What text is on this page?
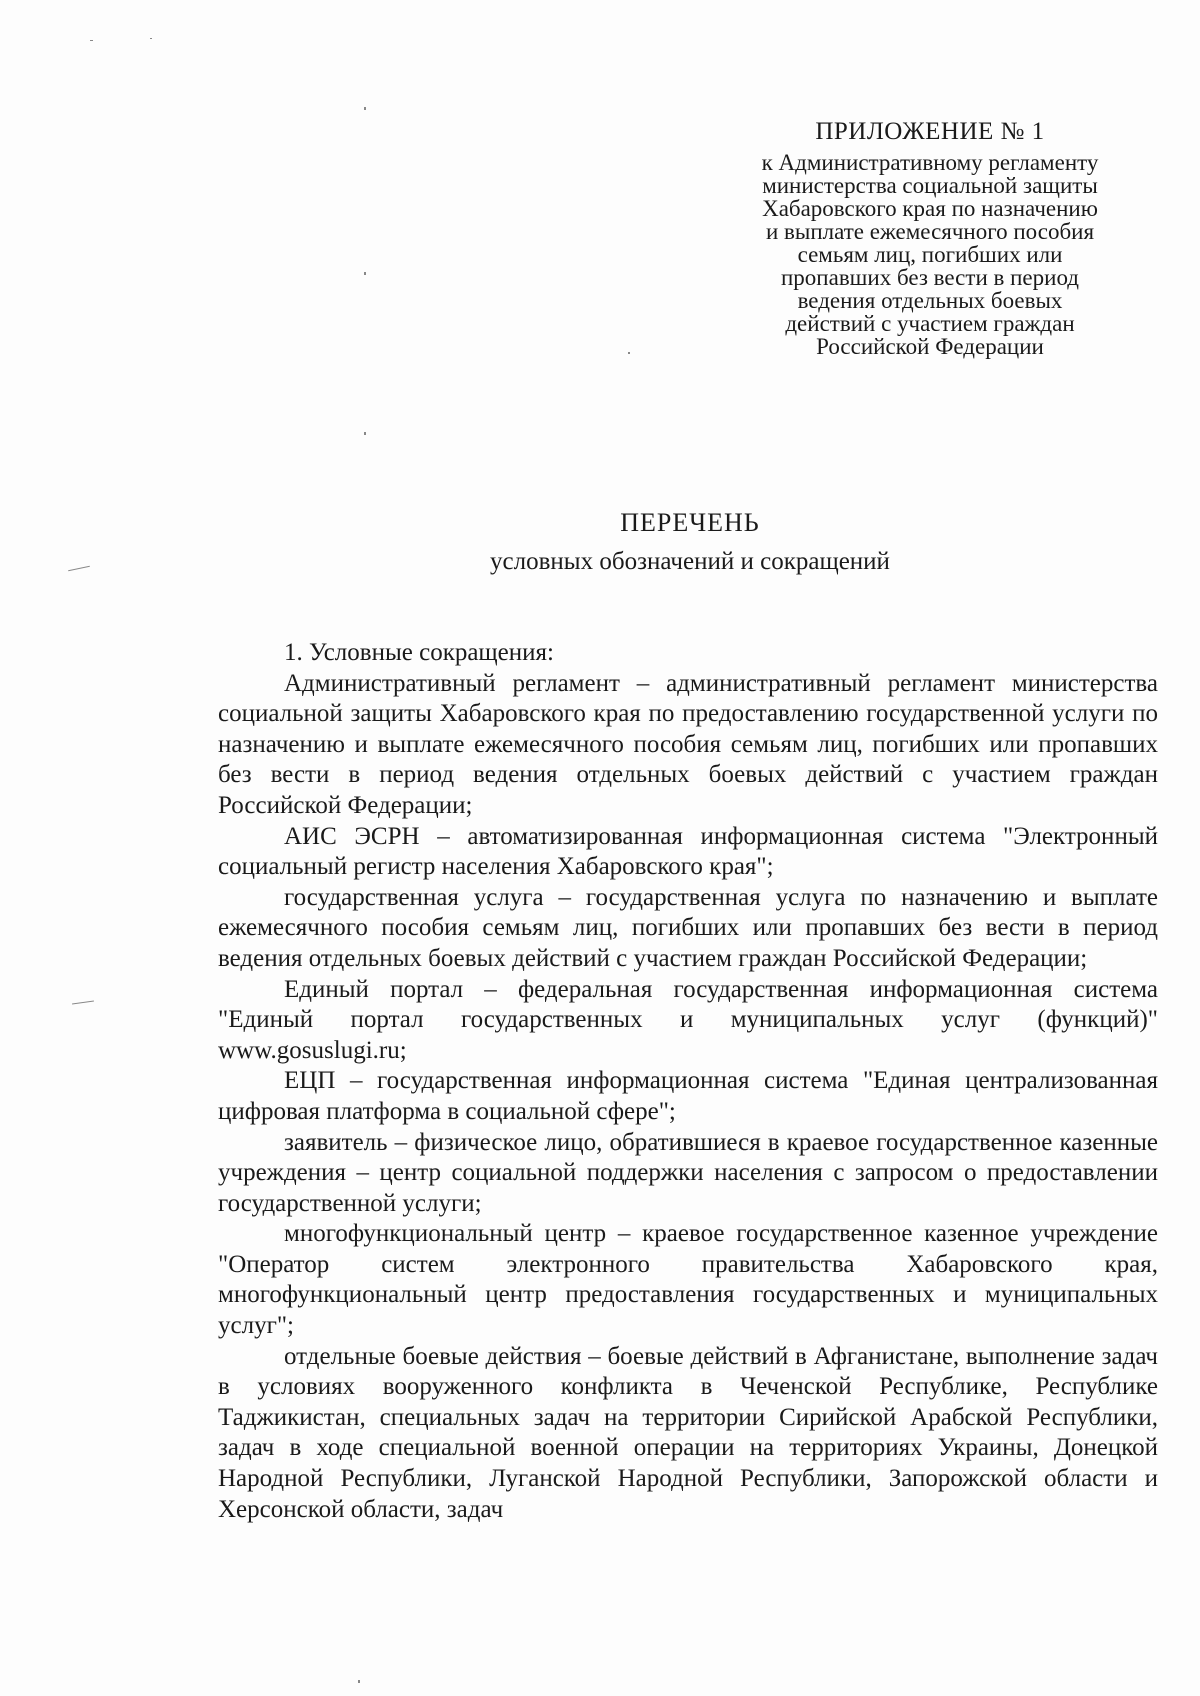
ПРИЛОЖЕНИЕ № 1
к Административному регламенту
министерства социальной защиты
Хабаровского края по назначению
и выплате ежемесячного пособия
семьям лиц, погибших или
пропавших без вести в период
ведения отдельных боевых
действий с участием граждан
Российской Федерации
ПЕРЕЧЕНЬ
условных обозначений и сокращений

1. Условные сокращения:

Административный регламент – административный регламент министерства социальной защиты Хабаровского края по предоставлению государственной услуги по назначению и выплате ежемесячного пособия семьям лиц, погибших или пропавших без вести в период ведения отдельных боевых действий с участием граждан Российской Федерации;

АИС ЭСРН – автоматизированная информационная система "Электронный социальный регистр населения Хабаровского края";

государственная услуга – государственная услуга по назначению и выплате ежемесячного пособия семьям лиц, погибших или пропавших без вести в период ведения отдельных боевых действий с участием граждан Российской Федерации;

Единый портал – федеральная государственная информационная система "Единый портал государственных и муниципальных услуг (функций)" www.gosuslugi.ru;

ЕЦП – государственная информационная система "Единая централизованная цифровая платформа в социальной сфере";

заявитель – физическое лицо, обратившиеся в краевое государственное казенные учреждения – центр социальной поддержки населения с запросом о предоставлении государственной услуги;

многофункциональный центр – краевое государственное казенное учреждение "Оператор систем электронного правительства Хабаровского края, многофункциональный центр предоставления государственных и муниципальных услуг";

отдельные боевые действия – боевые действий в Афганистане, выполнение задач в условиях вооруженного конфликта в Чеченской Республике, Республике Таджикистан, специальных задач на территории Сирийской Арабской Республики, задач в ходе специальной военной операции на территориях Украины, Донецкой Народной Республики, Луганской Народной Республики, Запорожской области и Херсонской области, задач
